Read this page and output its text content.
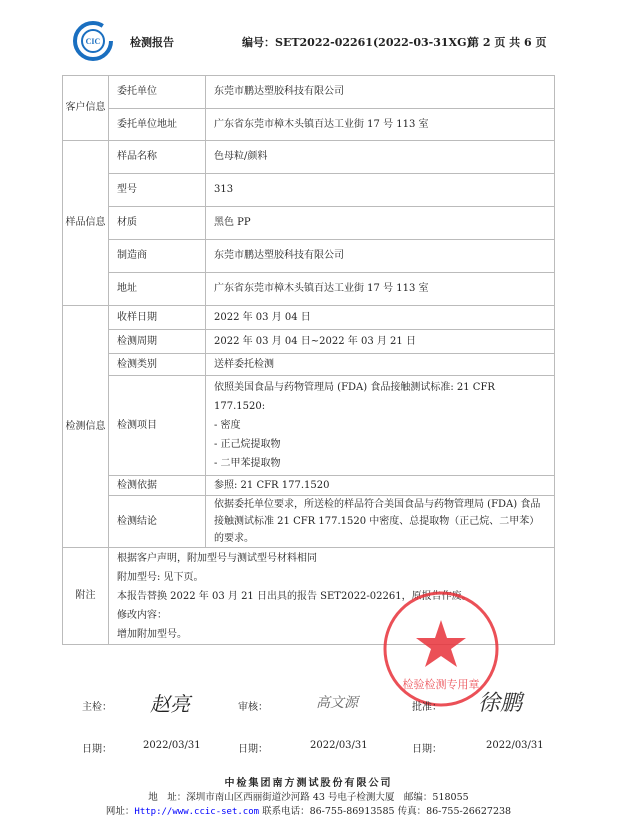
CIC	检测报告	编号：SET2022-02261(2022-03-31XG)
第 2 页 共 6 页
客户信息	委托单位	东莞市鹏达塑胶科技有限公司
	委托单位地址	广东省东莞市樟木头镇百达工业街 17 号 113 室
样品信息	样品名称	色母粒/颜料
	型号	313
	材质	黑色 PP
	制造商	东莞市鹏达塑胶科技有限公司
	地址	广东省东莞市樟木头镇百达工业街 17 号 113 室
检测信息	收样日期	2022 年 03 月 04 日
	检测周期	2022 年 03 月 04 日~2022 年 03 月 21 日
	检测类别	送样委托检测
	检测项目	依照美国食品与药物管理局 (FDA) 食品接触测试标准: 21 CFR 177.1520:
- 密度
- 正己烷提取物
- 二甲苯提取物

	检测依据	参照: 21 CFR 177.1520
	检测结论	依据委托单位要求，所送检的样品符合美国食品与药物管理局 (FDA) 食品接触测试标准 21 CFR 177.1520 中密度、总提取物（正己烷、二甲苯）的要求。
附注	根据客户声明，附加型号与测试型号材料相同
附加型号: 见下页。
本报告替换 2022 年 03 月 21 日出具的报告 SET2022-02261，原报告作废。
修改内容：
增加附加型号。	
检验检测专用章
主检： 赵亮	审核：	高文源	批准： 徐鹏
日期：	2022/03/31	日期：	2022/03/31	日期：	2022/03/31
中检集团南方测试股份有限公司
地　址：深圳市南山区西丽街道沙河路 43 号电子检测大厦　邮编：518055
网址：Http://www.ccic-set.com 联系电话：86-755-86913585 传真：86-755-26627238
